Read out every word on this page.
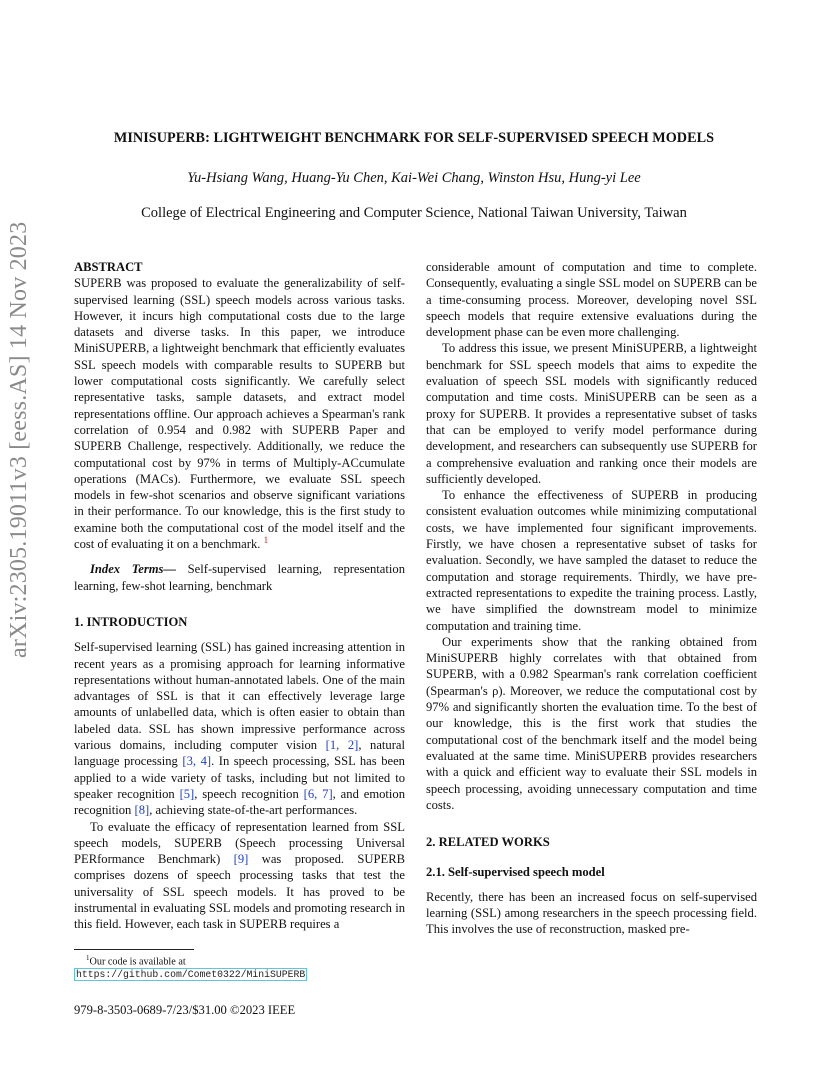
arXiv:2305.19011v3 [eess.AS] 14 Nov 2023
MINISUPERB: LIGHTWEIGHT BENCHMARK FOR SELF-SUPERVISED SPEECH MODELS
Yu-Hsiang Wang, Huang-Yu Chen, Kai-Wei Chang, Winston Hsu, Hung-yi Lee
College of Electrical Engineering and Computer Science, National Taiwan University, Taiwan

ABSTRACT

SUPERB was proposed to evaluate the generalizability of self-supervised learning (SSL) speech models across various tasks. However, it incurs high computational costs due to the large datasets and diverse tasks. In this paper, we introduce MiniSUPERB, a lightweight benchmark that efficiently evaluates SSL speech models with comparable results to SUPERB but lower computational costs significantly. We carefully select representative tasks, sample datasets, and extract model representations offline. Our approach achieves a Spearman's rank correlation of 0.954 and 0.982 with SUPERB Paper and SUPERB Challenge, respectively. Additionally, we reduce the computational cost by 97% in terms of Multiply-ACcumulate operations (MACs). Furthermore, we evaluate SSL speech models in few-shot scenarios and observe significant variations in their performance. To our knowledge, this is the first study to examine both the computational cost of the model itself and the cost of evaluating it on a benchmark. $^1$

Index Terms— Self-supervised learning, representation learning, few-shot learning, benchmark

1. INTRODUCTION

Self-supervised learning (SSL) has gained increasing attention in recent years as a promising approach for learning informative representations without human-annotated labels. One of the main advantages of SSL is that it can effectively leverage large amounts of unlabelled data, which is often easier to obtain than labeled data. SSL has shown impressive performance across various domains, including computer vision [1, 2], natural language processing [3, 4]. In speech processing, SSL has been applied to a wide variety of tasks, including but not limited to speaker recognition [5], speech recognition [6, 7], and emotion recognition [8], achieving state-of-the-art performances.

To evaluate the efficacy of representation learned from SSL speech models, SUPERB (Speech processing Universal PERformance Benchmark) [9] was proposed. SUPERB comprises dozens of speech processing tasks that test the universality of SSL speech models. It has proved to be instrumental in evaluating SSL models and promoting research in this field. However, each task in SUPERB requires a

considerable amount of computation and time to complete. Consequently, evaluating a single SSL model on SUPERB can be a time-consuming process. Moreover, developing novel SSL speech models that require extensive evaluations during the development phase can be even more challenging.

To address this issue, we present MiniSUPERB, a lightweight benchmark for SSL speech models that aims to expedite the evaluation of speech SSL models with significantly reduced computation and time costs. MiniSUPERB can be seen as a proxy for SUPERB. It provides a representative subset of tasks that can be employed to verify model performance during development, and researchers can subsequently use SUPERB for a comprehensive evaluation and ranking once their models are sufficiently developed.

To enhance the effectiveness of SUPERB in producing consistent evaluation outcomes while minimizing computational costs, we have implemented four significant improvements. Firstly, we have chosen a representative subset of tasks for evaluation. Secondly, we have sampled the dataset to reduce the computation and storage requirements. Thirdly, we have pre-extracted representations to expedite the training process. Lastly, we have simplified the downstream model to minimize computation and training time.

Our experiments show that the ranking obtained from MiniSUPERB highly correlates with that obtained from SUPERB, with a 0.982 Spearman's rank correlation coefficient (Spearman's ρ). Moreover, we reduce the computational cost by 97% and significantly shorten the evaluation time. To the best of our knowledge, this is the first work that studies the computational cost of the benchmark itself and the model being evaluated at the same time. MiniSUPERB provides researchers with a quick and efficient way to evaluate their SSL models in speech processing, avoiding unnecessary computation and time costs.

2. RELATED WORKS

2.1. Self-supervised speech model

Recently, there has been an increased focus on self-supervised learning (SSL) among researchers in the speech processing field. This involves the use of reconstruction, masked pre-

$^1$Our code is available at https://github.com/Comet0322/MiniSUPERB
979-8-3503-0689-7/23/$31.00 ©2023 IEEE
